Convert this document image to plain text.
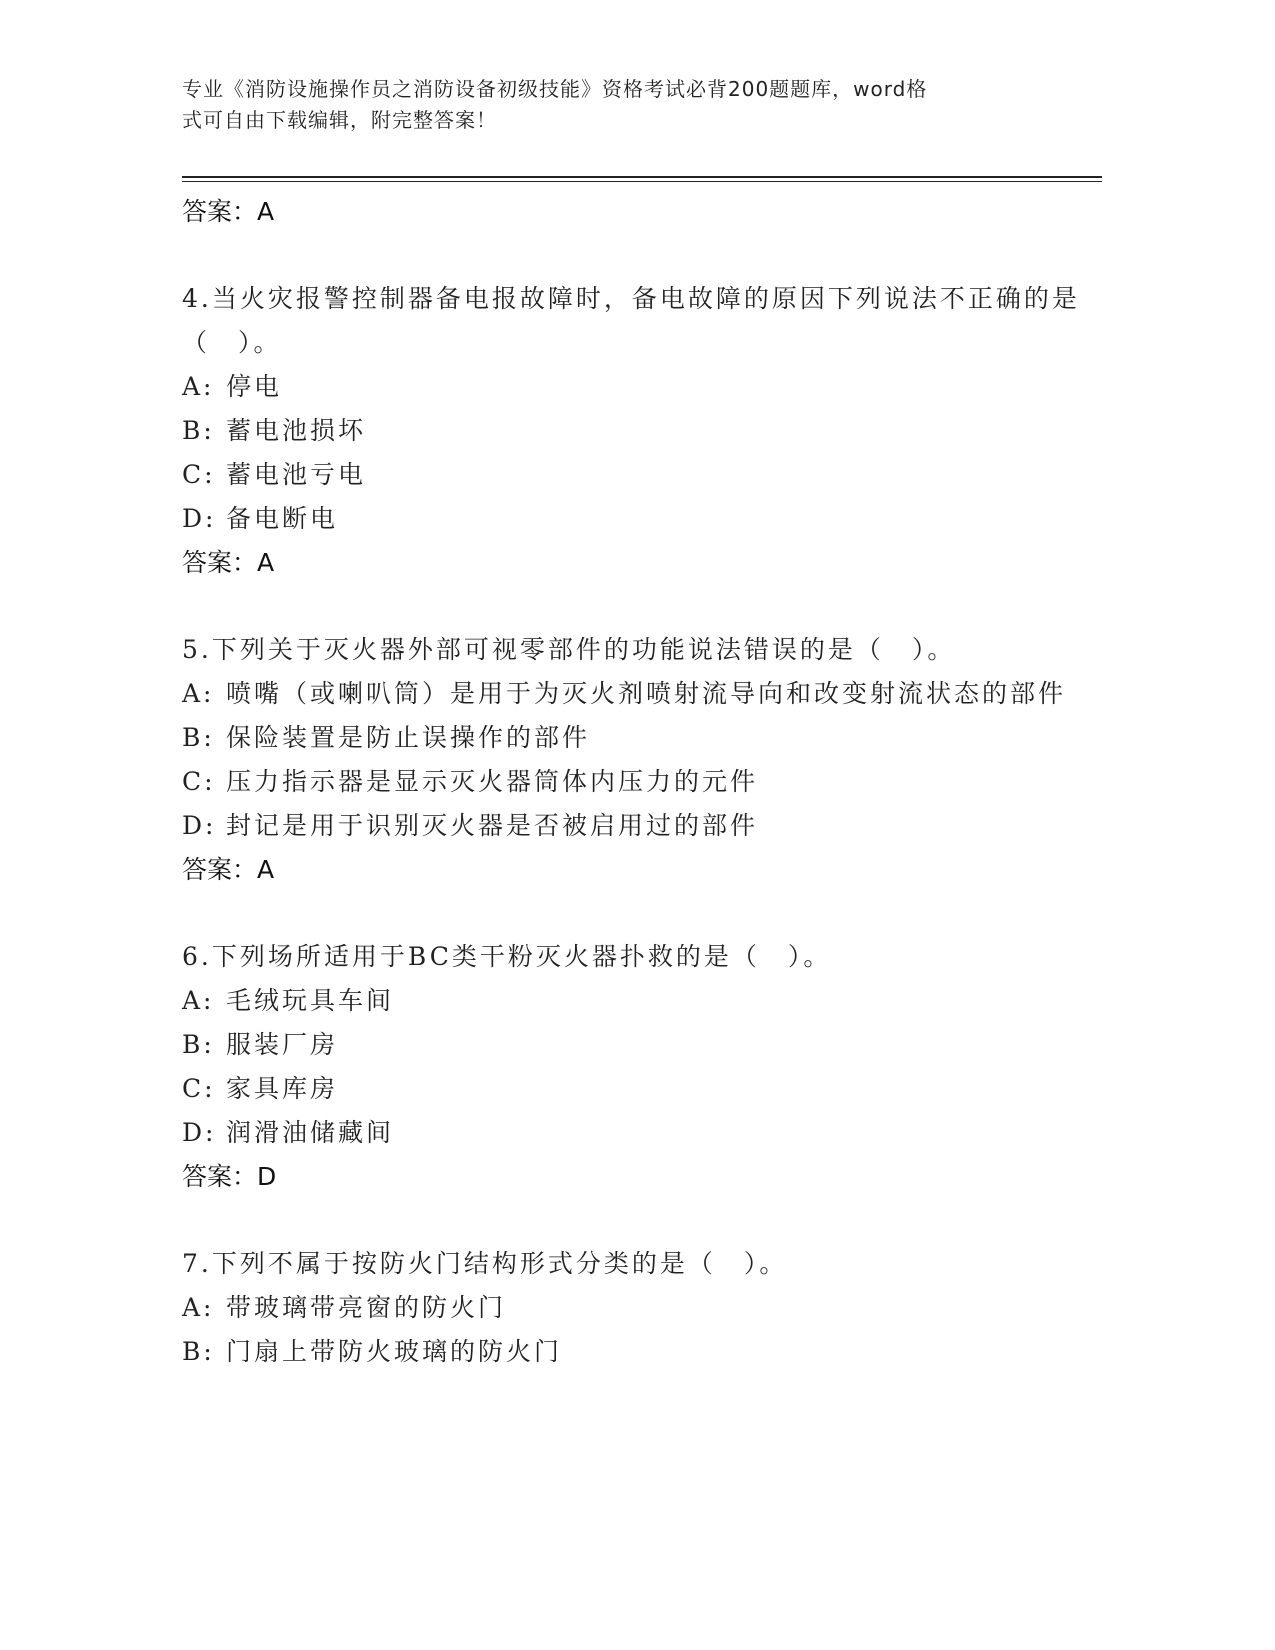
专业《消防设施操作员之消防设备初级技能》资格考试必背200题题库，word格
式可自由下载编辑，附完整答案！
答案：A
4.当火灾报警控制器备电报故障时，备电故障的原因下列说法不正确的是（　）。
A: 停电
B: 蓄电池损坏
C: 蓄电池亏电
D: 备电断电
答案：A
5.下列关于灭火器外部可视零部件的功能说法错误的是（　）。
A: 喷嘴（或喇叭筒）是用于为灭火剂喷射流导向和改变射流状态的部件
B: 保险装置是防止误操作的部件
C: 压力指示器是显示灭火器筒体内压力的元件
D: 封记是用于识别灭火器是否被启用过的部件
答案：A
6.下列场所适用于BC类干粉灭火器扑救的是（　）。
A: 毛绒玩具车间
B: 服装厂房
C: 家具库房
D: 润滑油储藏间
答案：D
7.下列不属于按防火门结构形式分类的是（　）。
A: 带玻璃带亮窗的防火门
B: 门扇上带防火玻璃的防火门
